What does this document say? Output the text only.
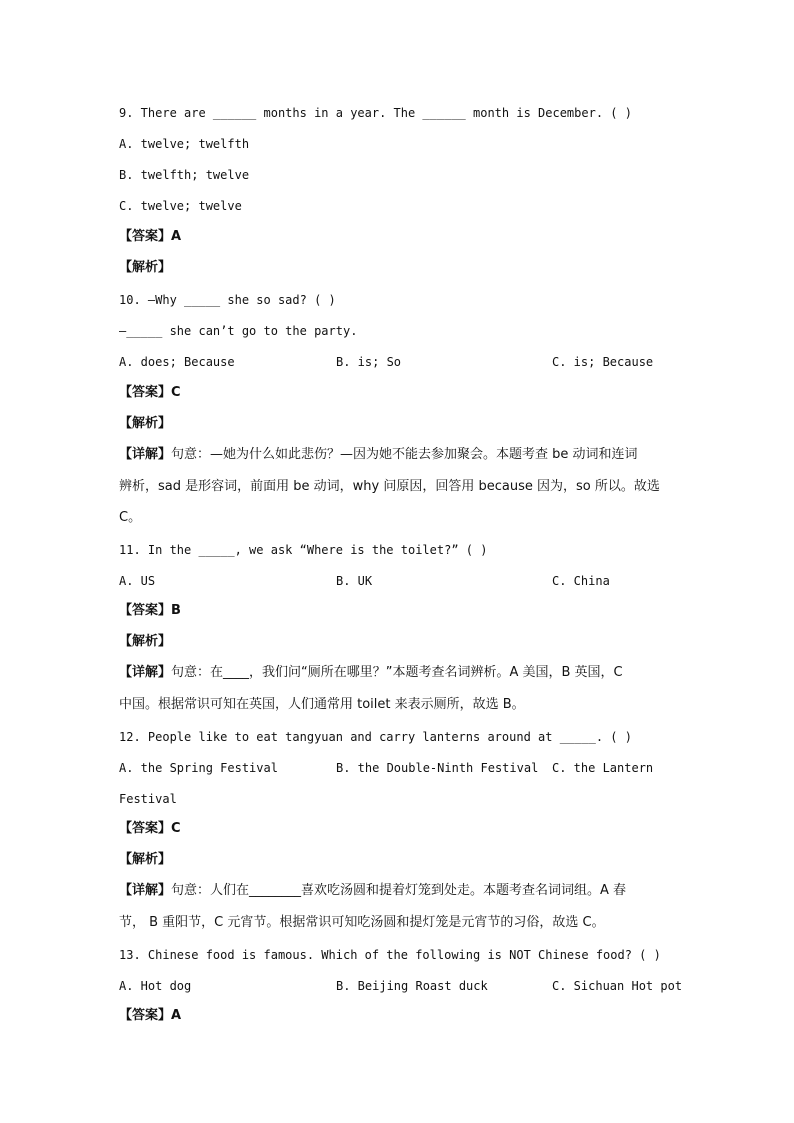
9. There are ______ months in a year. The ______ month is December. ( )
A. twelve; twelfth
B. twelfth; twelve
C. twelve; twelve
【答案】A
【解析】
10. —Why _____ she so sad? ( )
—_____ she can’t go to the party.
A. does; Because	B. is; So	C. is; Because
【答案】C
【解析】
【详解】句意：—她为什么如此悲伤？—因为她不能去参加聚会。本题考查 be 动词和连词
辨析，sad 是形容词，前面用 be 动词，why 问原因，回答用 because 因为，so 所以。故选
C。
11. In the _____, we ask “Where is the toilet?” ( )
A. US	B. UK	C. China
【答案】B
【解析】
【详解】句意：在____，我们问“厕所在哪里？”本题考查名词辨析。A 美国，B 英国，C
中国。根据常识可知在英国，人们通常用 toilet 来表示厕所，故选 B。
12. People like to eat tangyuan and carry lanterns around at _____. ( )
A. the Spring Festival	B. the Double-Ninth Festival C. the Lantern
Festival
【答案】C
【解析】
【详解】句意：人们在________喜欢吃汤圆和提着灯笼到处走。本题考查名词词组。A 春
节， B 重阳节，C 元宵节。根据常识可知吃汤圆和提灯笼是元宵节的习俗，故选 C。
13. Chinese food is famous. Which of the following is NOT Chinese food? ( )
A. Hot dog	B. Beijing Roast duck	C. Sichuan Hot pot
【答案】A
